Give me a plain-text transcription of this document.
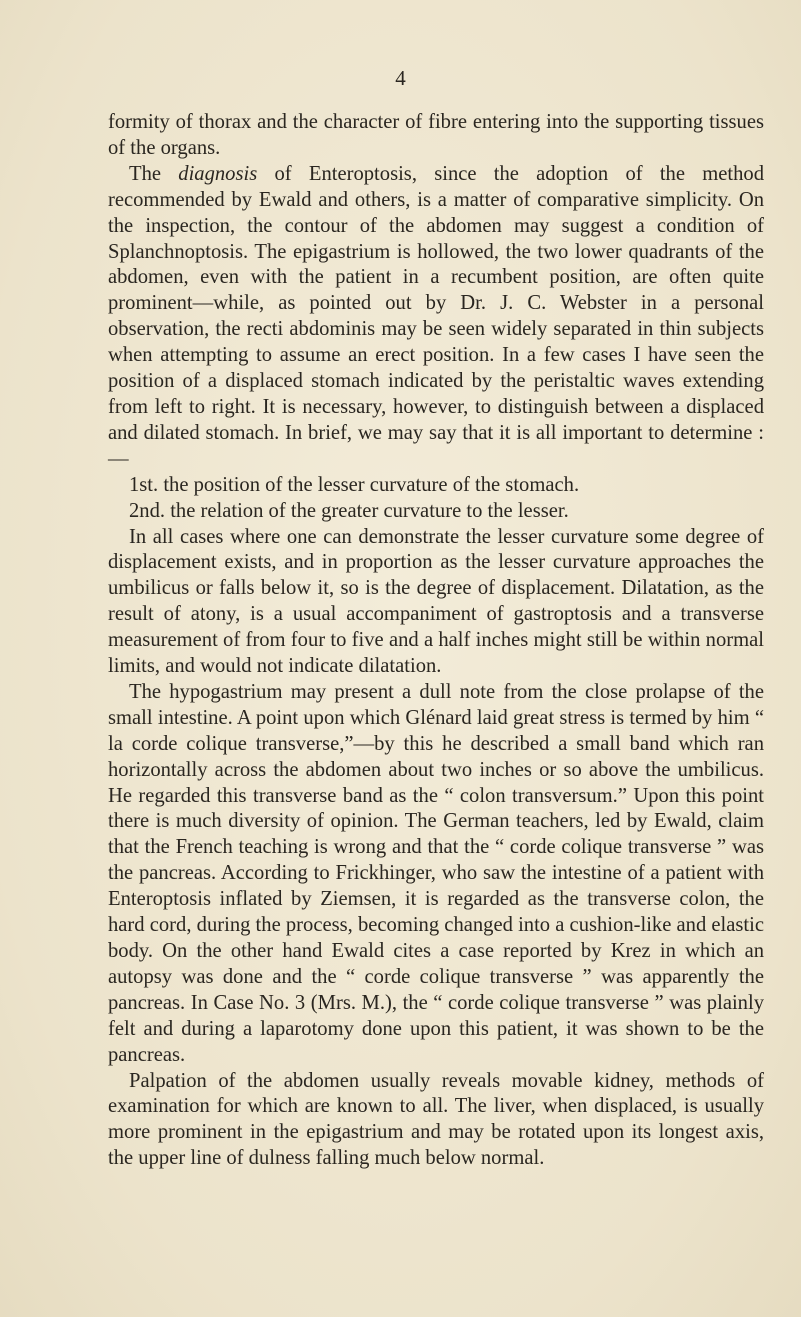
4

formity of thorax and the character of fibre entering into the supporting tissues of the organs.

The diagnosis of Enteroptosis, since the adoption of the method recommended by Ewald and others, is a matter of comparative simplicity. On the inspection, the contour of the abdomen may suggest a condition of Splanchnoptosis. The epigastrium is hollowed, the two lower quadrants of the abdomen, even with the patient in a recumbent position, are often quite prominent—while, as pointed out by Dr. J. C. Webster in a personal observation, the recti abdominis may be seen widely separated in thin subjects when attempting to assume an erect position. In a few cases I have seen the position of a displaced stomach indicated by the peristaltic waves extending from left to right. It is necessary, however, to distinguish between a displaced and dilated stomach. In brief, we may say that it is all important to determine :—

1st. the position of the lesser curvature of the stomach.

2nd. the relation of the greater curvature to the lesser.

In all cases where one can demonstrate the lesser curvature some degree of displacement exists, and in proportion as the lesser curvature approaches the umbilicus or falls below it, so is the degree of displacement. Dilatation, as the result of atony, is a usual accompaniment of gastroptosis and a transverse measurement of from four to five and a half inches might still be within normal limits, and would not indicate dilatation.

The hypogastrium may present a dull note from the close prolapse of the small intestine. A point upon which Glénard laid great stress is termed by him “ la corde colique transverse,”—by this he described a small band which ran horizontally across the abdomen about two inches or so above the umbilicus. He regarded this transverse band as the “ colon transversum.” Upon this point there is much diversity of opinion. The German teachers, led by Ewald, claim that the French teaching is wrong and that the “ corde colique transverse ” was the pancreas. According to Frickhinger, who saw the intestine of a patient with Enteroptosis inflated by Ziemsen, it is regarded as the transverse colon, the hard cord, during the process, becoming changed into a cushion-like and elastic body. On the other hand Ewald cites a case reported by Krez in which an autopsy was done and the “ corde colique transverse ” was apparently the pancreas. In Case No. 3 (Mrs. M.), the “ corde colique transverse ” was plainly felt and during a laparotomy done upon this patient, it was shown to be the pancreas.

Palpation of the abdomen usually reveals movable kidney, methods of examination for which are known to all. The liver, when displaced, is usually more prominent in the epigastrium and may be rotated upon its longest axis, the upper line of dulness falling much below normal.
